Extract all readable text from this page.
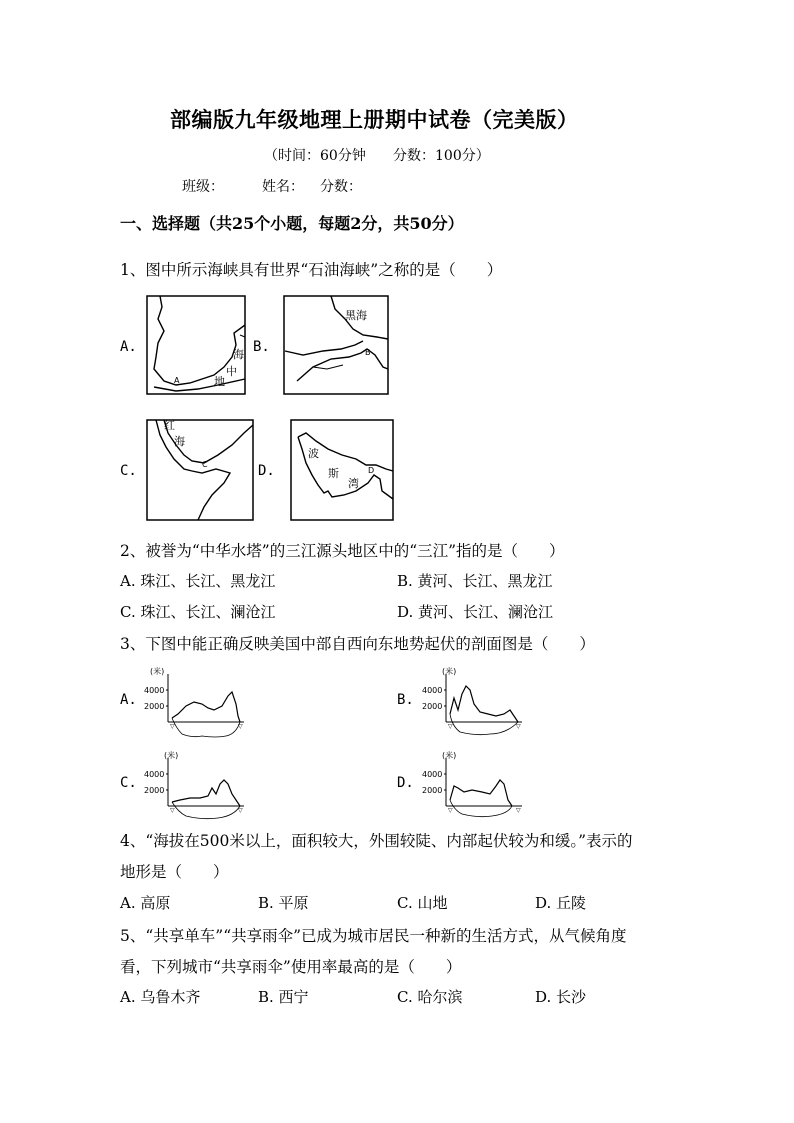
部编版九年级地理上册期中试卷（完美版）
（时间：60分钟 分数：100分）
班级：	姓名： 分数：
一、选择题（共25个小题，每题2分，共50分）
1、图中所示海峡具有世界“石油海峡”之称的是（　　）
A.	B.
C.	D.
海
中
地
A
黑海
B
红
海
C
波
斯
湾
D
2、被誉为“中华水塔”的三江源头地区中的“三江”指的是（　　）
A. 珠江、长江、黑龙江	B. 黄河、长江、黑龙江
C. 珠江、长江、澜沧江	D. 黄河、长江、澜沧江
3、下图中能正确反映美国中部自西向东地势起伏的剖面图是（　　）
A.	B.
C.	D.
(米)
4000
2000
▽	▽
(米)
4000
2000
▽	▽
(米)
4000
2000
▽	▽
(米)
4000
2000
▽	▽
4、“海拔在500米以上，面积较大，外围较陡、内部起伏较为和缓。”表示的
地形是（　　）
A. 高原	B. 平原	C. 山地	D. 丘陵
5、“共享单车”“共享雨伞”已成为城市居民一种新的生活方式，从气候角度
看，下列城市“共享雨伞”使用率最高的是（　　）
A. 乌鲁木齐	B. 西宁	C. 哈尔滨	D. 长沙
